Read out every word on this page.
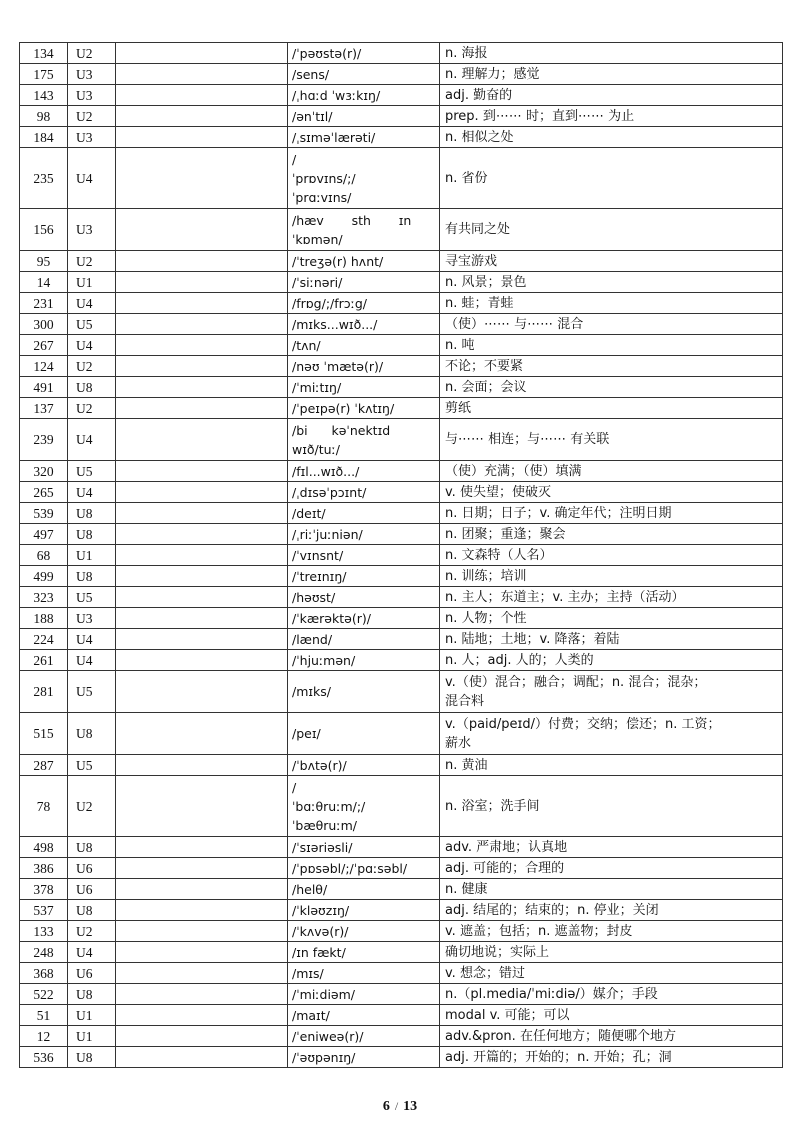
134	U2		/ˈpəʊstə(r)/	n. 海报
175	U3		/sens/	n. 理解力；感觉
143	U3		/ˌhɑːd ˈwɜːkɪŋ/	adj. 勤奋的
98	U2		/ənˈtɪl/	prep. 到⋯⋯ 时；直到⋯⋯ 为止
184	U3		/ˌsɪməˈlærəti/	n. 相似之处
235	U4		/
ˈprɒvɪns/;/
ˈprɑːvɪns/	n. 省份
156	U3		/hæv       sth       ɪn
ˈkɒmən/	有共同之处
95	U2		/ˈtreʒə(r) hʌnt/	寻宝游戏
14	U1		/ˈsiːnəri/	n. 风景；景色
231	U4		/frɒg/;/frɔːg/	n. 蛙；青蛙
300	U5		/mɪks...wɪð.../	（使）⋯⋯ 与⋯⋯ 混合
267	U4		/tʌn/	n. 吨
124	U2		/nəʊ ˈmætə(r)/	不论；不要紧
491	U8		/ˈmiːtɪŋ/	n. 会面；会议
137	U2		/ˈpeɪpə(r) ˈkʌtɪŋ/	剪纸
239	U4		/bi      kəˈnektɪd
wɪð/tuː/	与⋯⋯ 相连；与⋯⋯ 有关联
320	U5		/fɪl...wɪð.../	（使）充满；（使）填满
265	U4		/ˌdɪsəˈpɔɪnt/	v. 使失望；使破灭
539	U8		/deɪt/	n. 日期；日子；v. 确定年代；注明日期
497	U8		/ˌriːˈjuːniən/	n. 团聚；重逢；聚会
68	U1		/ˈvɪnsnt/	n. 文森特（人名）
499	U8		/ˈtreɪnɪŋ/	n. 训练；培训
323	U5		/həʊst/	n. 主人；东道主；v. 主办；主持（活动）
188	U3		/ˈkærəktə(r)/	n. 人物；个性
224	U4		/lænd/	n. 陆地；土地；v. 降落；着陆
261	U4		/ˈhjuːmən/	n. 人；adj. 人的；人类的
281	U5		/mɪks/	v.（使）混合；融合；调配；n. 混合；混杂；
混合料

515	U8		/peɪ/	v.（paid/peɪd/）付费；交纳；偿还；n. 工资；
薪水

287	U5		/ˈbʌtə(r)/	n. 黄油
78	U2		/
ˈbɑːθruːm/;/
ˈbæθruːm/	n. 浴室；洗手间
498	U8		/ˈsɪəriəsli/	adv. 严肃地；认真地
386	U6		/ˈpɒsəbl/;/ˈpɑːsəbl/	adj. 可能的；合理的
378	U6		/helθ/	n. 健康
537	U8		/ˈkləʊzɪŋ/	adj. 结尾的；结束的；n. 停业；关闭
133	U2		/ˈkʌvə(r)/	v. 遮盖；包括；n. 遮盖物；封皮
248	U4		/ɪn fækt/	确切地说；实际上
368	U6		/mɪs/	v. 想念；错过
522	U8		/ˈmiːdiəm/	n.（pl.media/ˈmiːdiə/）媒介；手段
51	U1		/maɪt/	modal v. 可能；可以
12	U1		/ˈeniweə(r)/	adv.&pron. 在任何地方；随便哪个地方
536	U8		/ˈəʊpənɪŋ/	adj. 开篇的；开始的；n. 开始；孔；洞
6 / 13
